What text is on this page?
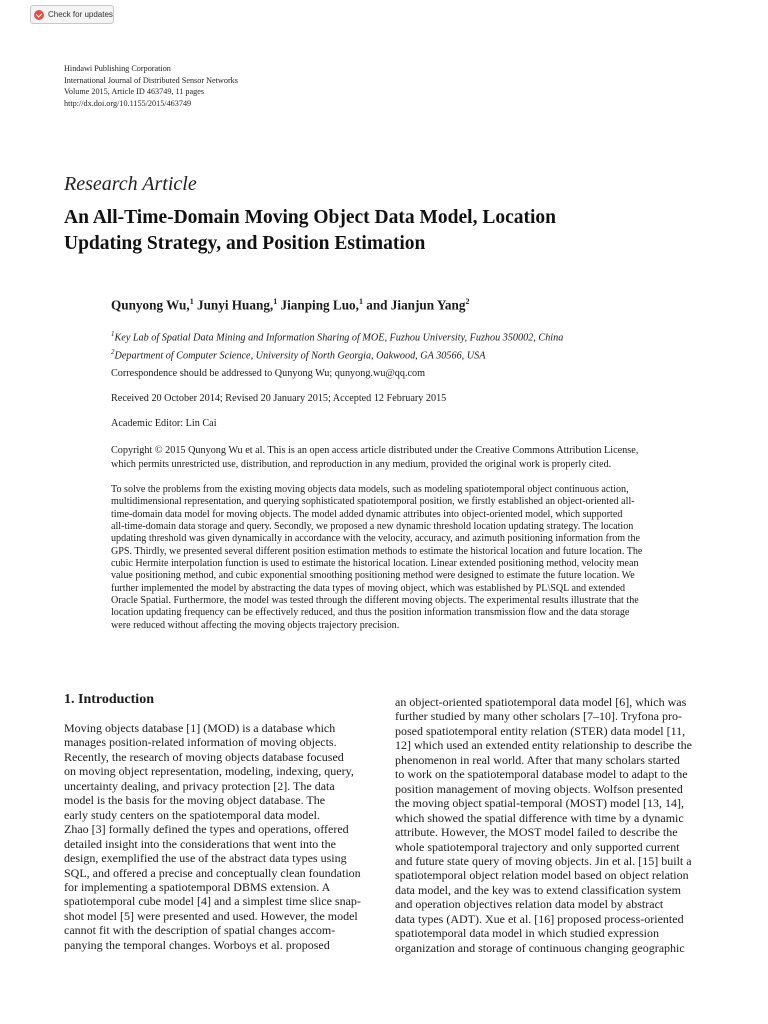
Check for updates
Hindawi Publishing Corporation
International Journal of Distributed Sensor Networks
Volume 2015, Article ID 463749, 11 pages
http://dx.doi.org/10.1155/2015/463749
Research Article
An All-Time-Domain Moving Object Data Model, Location
Updating Strategy, and Position Estimation
Qunyong Wu,$^1$ Junyi Huang,$^1$ Jianping Luo,$^1$ and Jianjun Yang$^2$
$^1$Key Lab of Spatial Data Mining and Information Sharing of MOE, Fuzhou University, Fuzhou 350002, China
$^2$Department of Computer Science, University of North Georgia, Oakwood, GA 30566, USA
Correspondence should be addressed to Qunyong Wu; qunyong.wu@qq.com
Received 20 October 2014; Revised 20 January 2015; Accepted 12 February 2015
Academic Editor: Lin Cai
Copyright © 2015 Qunyong Wu et al. This is an open access article distributed under the Creative Commons Attribution License,
which permits unrestricted use, distribution, and reproduction in any medium, provided the original work is properly cited.
To solve the problems from the existing moving objects data models, such as modeling spatiotemporal object continuous action,
multidimensional representation, and querying sophisticated spatiotemporal position, we firstly established an object-oriented all-
time-domain data model for moving objects. The model added dynamic attributes into object-oriented model, which supported
all-time-domain data storage and query. Secondly, we proposed a new dynamic threshold location updating strategy. The location
updating threshold was given dynamically in accordance with the velocity, accuracy, and azimuth positioning information from the
GPS. Thirdly, we presented several different position estimation methods to estimate the historical location and future location. The
cubic Hermite interpolation function is used to estimate the historical location. Linear extended positioning method, velocity mean
value positioning method, and cubic exponential smoothing positioning method were designed to estimate the future location. We
further implemented the model by abstracting the data types of moving object, which was established by PL\SQL and extended
Oracle Spatial. Furthermore, the model was tested through the different moving objects. The experimental results illustrate that the
location updating frequency can be effectively reduced, and thus the position information transmission flow and the data storage
were reduced without affecting the moving objects trajectory precision.
1. Introduction
Moving objects database [1] (MOD) is a database which
manages position-related information of moving objects.
Recently, the research of moving objects database focused
on moving object representation, modeling, indexing, query,
uncertainty dealing, and privacy protection [2]. The data
model is the basis for the moving object database. The
early study centers on the spatiotemporal data model.
Zhao [3] formally defined the types and operations, offered
detailed insight into the considerations that went into the
design, exemplified the use of the abstract data types using
SQL, and offered a precise and conceptually clean foundation
for implementing a spatiotemporal DBMS extension. A
spatiotemporal cube model [4] and a simplest time slice snap-
shot model [5] were presented and used. However, the model
cannot fit with the description of spatial changes accom-
panying the temporal changes. Worboys et al. proposed
an object-oriented spatiotemporal data model [6], which was
further studied by many other scholars [7–10]. Tryfona pro-
posed spatiotemporal entity relation (STER) data model [11,
12] which used an extended entity relationship to describe the
phenomenon in real world. After that many scholars started
to work on the spatiotemporal database model to adapt to the
position management of moving objects. Wolfson presented
the moving object spatial-temporal (MOST) model [13, 14],
which showed the spatial difference with time by a dynamic
attribute. However, the MOST model failed to describe the
whole spatiotemporal trajectory and only supported current
and future state query of moving objects. Jin et al. [15] built a
spatiotemporal object relation model based on object relation
data model, and the key was to extend classification system
and operation objectives relation data model by abstract
data types (ADT). Xue et al. [16] proposed process-oriented
spatiotemporal data model in which studied expression
organization and storage of continuous changing geographic
